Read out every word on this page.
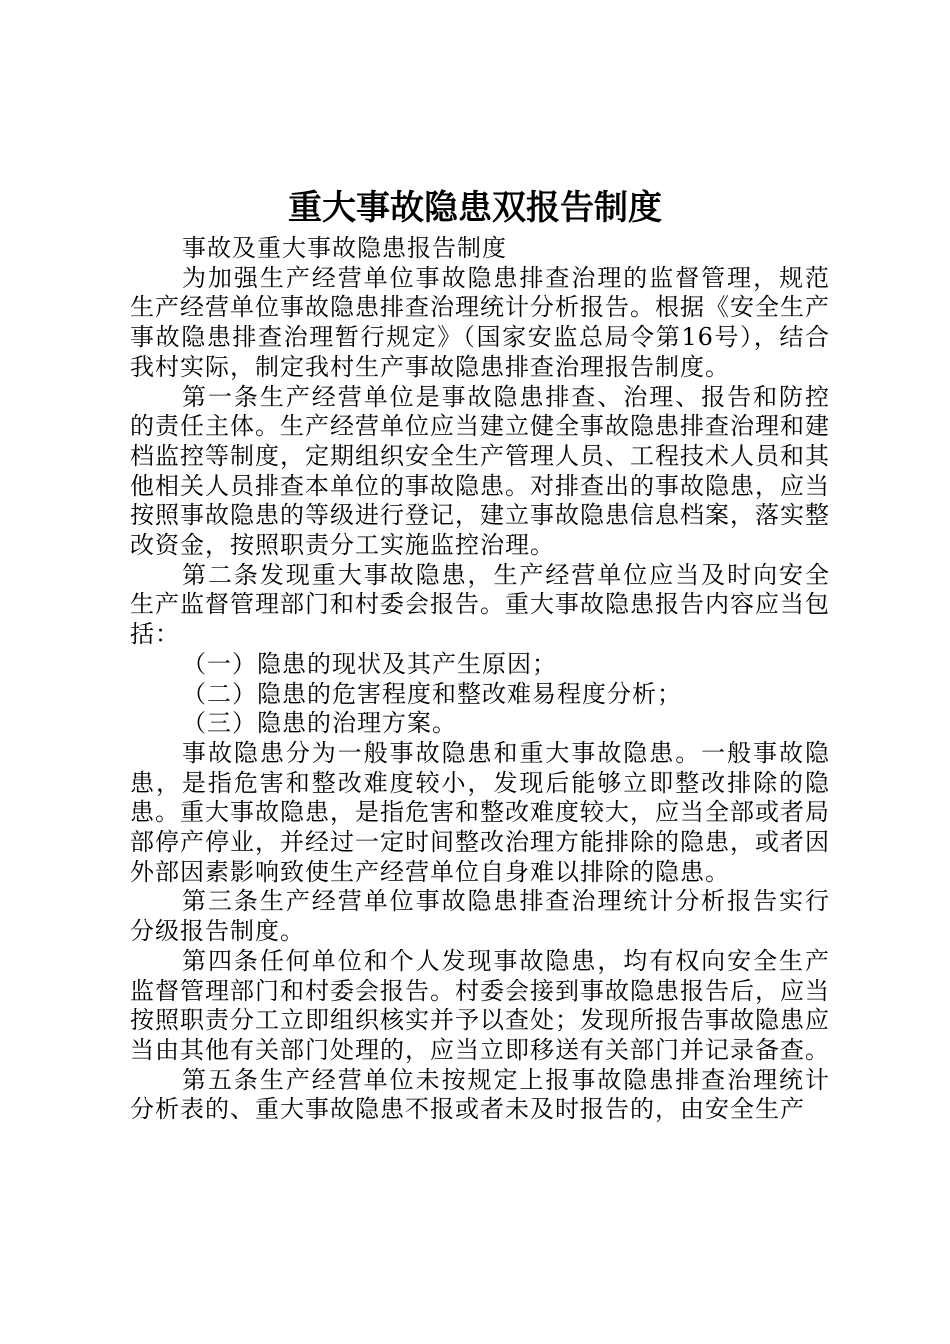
重大事故隐患双报告制度

事故及重大事故隐患报告制度

为加强生产经营单位事故隐患排查治理的监督管理，规范生产经营单位事故隐患排查治理统计分析报告。根据《安全生产事故隐患排查治理暂行规定》（国家安监总局令第16号），结合我村实际，制定我村生产事故隐患排查治理报告制度。

第一条生产经营单位是事故隐患排查、治理、报告和防控的责任主体。生产经营单位应当建立健全事故隐患排查治理和建档监控等制度，定期组织安全生产管理人员、工程技术人员和其他相关人员排查本单位的事故隐患。对排查出的事故隐患，应当按照事故隐患的等级进行登记，建立事故隐患信息档案，落实整改资金，按照职责分工实施监控治理。

第二条发现重大事故隐患，生产经营单位应当及时向安全生产监督管理部门和村委会报告。重大事故隐患报告内容应当包括：

（一）隐患的现状及其产生原因；

（二）隐患的危害程度和整改难易程度分析；

（三）隐患的治理方案。

事故隐患分为一般事故隐患和重大事故隐患。一般事故隐患，是指危害和整改难度较小，发现后能够立即整改排除的隐患。重大事故隐患，是指危害和整改难度较大，应当全部或者局部停产停业，并经过一定时间整改治理方能排除的隐患，或者因外部因素影响致使生产经营单位自身难以排除的隐患。

第三条生产经营单位事故隐患排查治理统计分析报告实行分级报告制度。

第四条任何单位和个人发现事故隐患，均有权向安全生产监督管理部门和村委会报告。村委会接到事故隐患报告后，应当按照职责分工立即组织核实并予以查处；发现所报告事故隐患应当由其他有关部门处理的，应当立即移送有关部门并记录备查。

第五条生产经营单位未按规定上报事故隐患排查治理统计分析表的、重大事故隐患不报或者未及时报告的，由安全生产
